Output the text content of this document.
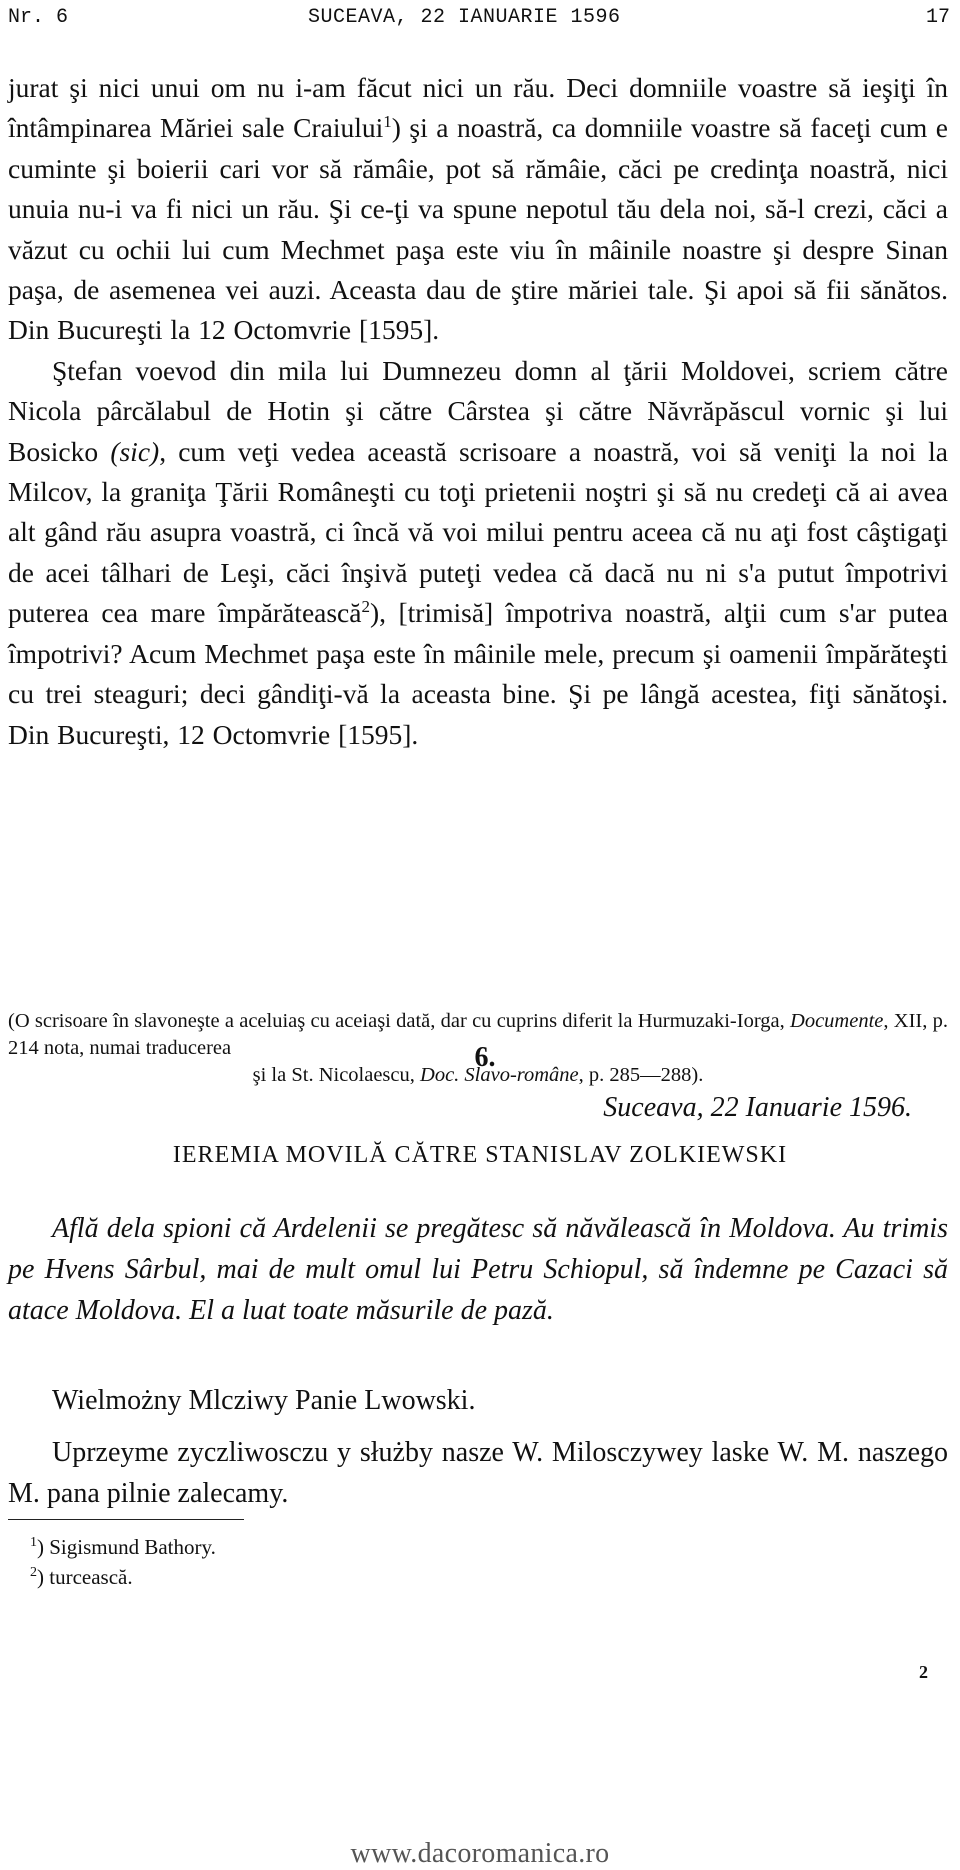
Nr. 6	SUCEAVA, 22 IANUARIE 1596	17

jurat şi nici unui om nu i-am făcut nici un rău. Deci domniile voastre să ieşiţi în întâmpinarea Măriei sale Craiului$^1$) şi a noastră, ca domniile voastre să faceţi cum e cuminte şi boierii cari vor să rămâie, pot să rămâie, căci pe credinţa noastră, nici unuia nu-i va fi nici un rău. Şi ce-ţi va spune nepotul tău dela noi, să-l crezi, căci a văzut cu ochii lui cum Mechmet paşa este viu în mâinile noastre şi despre Sinan paşa, de asemenea vei auzi. Aceasta dau de ştire măriei tale. Şi apoi să fii sănătos. Din Bucureşti la 12 Octomvrie [1595].

Ştefan voevod din mila lui Dumnezeu domn al ţării Moldovei, scriem către Nicola pârcălabul de Hotin şi către Cârstea şi către Năvrăpăscul vornic şi lui Bosicko (sic), cum veţi vedea această scrisoare a noastră, voi să veniţi la noi la Milcov, la graniţa Ţării Româneşti cu toţi prietenii noştri şi să nu credeţi că ai avea alt gând rău asupra voastră, ci încă vă voi milui pentru aceea că nu aţi fost câştigaţi de acei tâlhari de Leşi, căci înşivă puteţi vedea că dacă nu ni s'a putut împotrivi puterea cea mare împărătească$^2$), [trimisă] împotriva noastră, alţii cum s'ar putea împotrivi? Acum Mechmet paşa este în mâinile mele, precum şi oamenii împărăteşti cu trei steaguri; deci gândiţi-vă la aceasta bine. Şi pe lângă acestea, fiţi sănătoşi. Din Bucureşti, 12 Octomvrie [1595].

(O scrisoare în slavoneşte a aceluiaş cu aceiaşi dată, dar cu cuprins diferit la Hurmuzaki-Iorga, Documente, XII, p. 214 nota, numai traducerea
şi la St. Nicolaescu, Doc. Slavo-române, p. 285—288).
6.
Suceava, 22 Ianuarie 1596.
IEREMIA MOVILĂ CĂTRE STANISLAV ZOLKIEWSKI

Află dela spioni că Ardelenii se pregătesc să năvălească în Moldova. Au trimis pe Hvens Sârbul, mai de mult omul lui Petru Schiopul, să îndemne pe Cazaci să atace Moldova. El a luat toate măsurile de pază.

Wielmożny Mlcziwy Panie Lwowski.

Uprzeyme zyczliwosczu y służby nasze W. Milosczywey laske W. M. naszego M. pana pilnie zalecamy.

$^1$) Sigismund Bathory.
$^2$) turcească.
2
www.dacoromanica.ro
